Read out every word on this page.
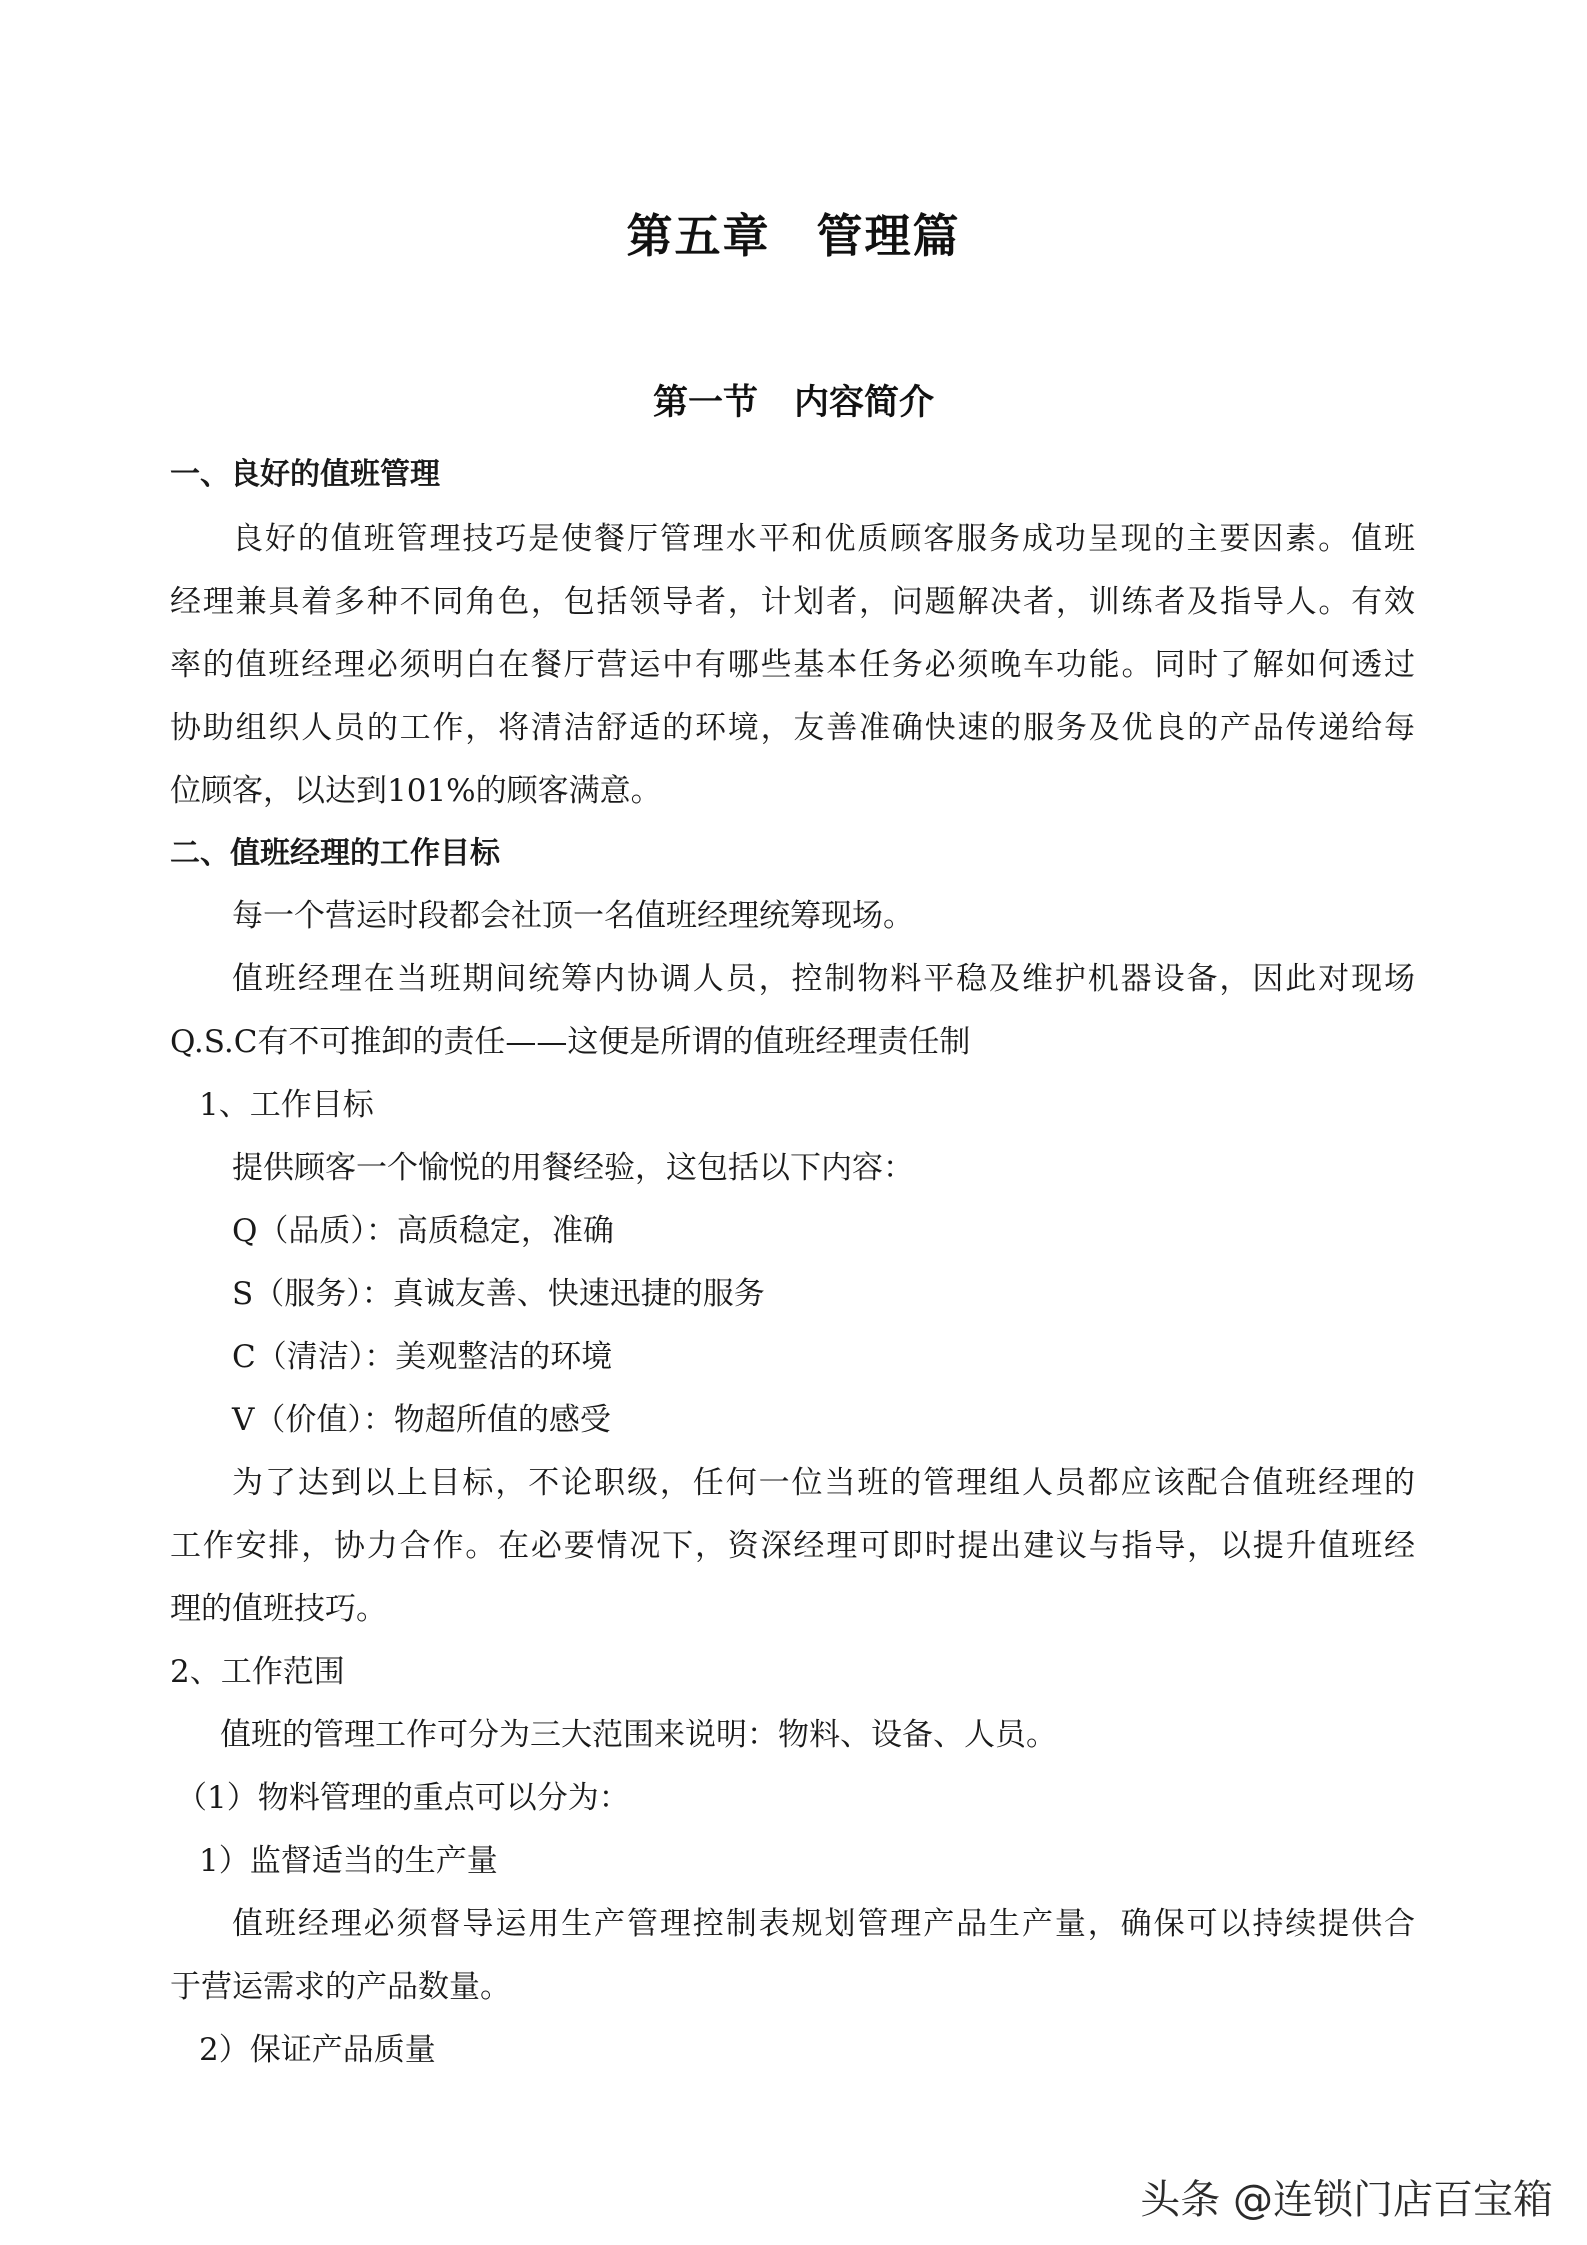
第五章 管理篇
第一节 内容简介
一、良好的值班管理
良好的值班管理技巧是使餐厅管理水平和优质顾客服务成功呈现的主要因素。值班
经理兼具着多种不同角色，包括领导者，计划者，问题解决者，训练者及指导人。有效
率的值班经理必须明白在餐厅营运中有哪些基本任务必须晚车功能。同时了解如何透过
协助组织人员的工作，将清洁舒适的环境，友善准确快速的服务及优良的产品传递给每
位顾客，以达到101%的顾客满意。
二、值班经理的工作目标
每一个营运时段都会社顶一名值班经理统筹现场。
值班经理在当班期间统筹内协调人员，控制物料平稳及维护机器设备，因此对现场
Q.S.C有不可推卸的责任——这便是所谓的值班经理责任制
1、工作目标
提供顾客一个愉悦的用餐经验，这包括以下内容：
Q（品质）：高质稳定，准确
S（服务）：真诚友善、快速迅捷的服务
C（清洁）：美观整洁的环境
V（价值）：物超所值的感受
为了达到以上目标，不论职级，任何一位当班的管理组人员都应该配合值班经理的
工作安排，协力合作。在必要情况下，资深经理可即时提出建议与指导，以提升值班经
理的值班技巧。
2、工作范围
值班的管理工作可分为三大范围来说明：物料、设备、人员。
（1）物料管理的重点可以分为：
1）监督适当的生产量
值班经理必须督导运用生产管理控制表规划管理产品生产量，确保可以持续提供合
于营运需求的产品数量。
2）保证产品质量
头条 @连锁门店百宝箱
